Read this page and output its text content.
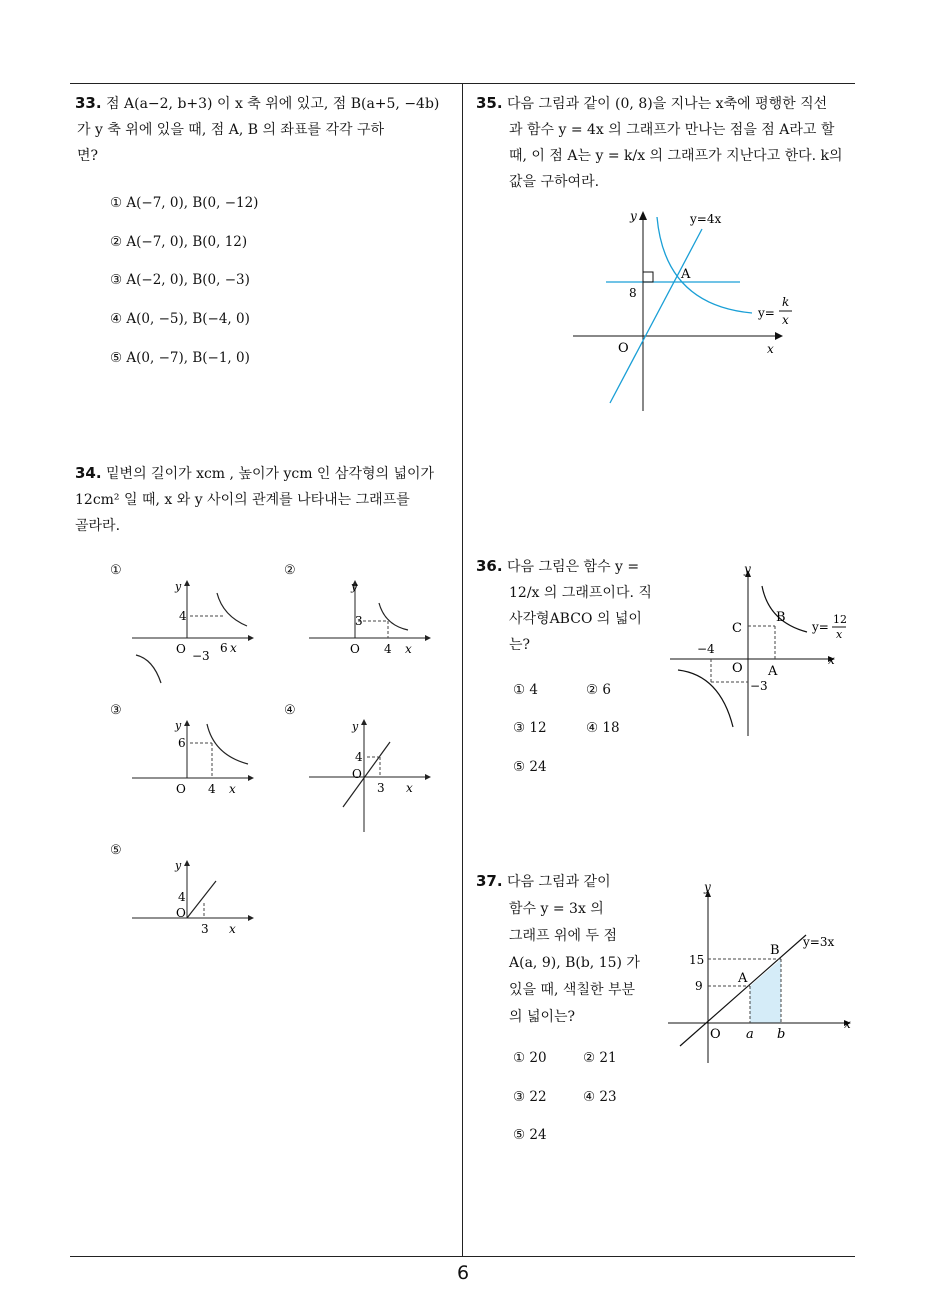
33. 점 A(a−2, b+3) 이 x 축 위에 있고, 점 B(a+5, −4b)
가 y 축 위에 있을 때, 점 A, B 의 좌표를 각각 구하
면?
① A(−7, 0), B(0, −12)
② A(−7, 0), B(0, 12)
③ A(−2, 0), B(0, −3)
④ A(0, −5), B(−4, 0)
⑤ A(0, −7), B(−1, 0)
34. 밑변의 길이가 xcm , 높이가 ycm 인 삼각형의 넓이가
12cm² 일 때, x 와 y 사이의 관계를 나타내는 그래프를
골라라.
①	②
③	④
⑤
y
4
O −3
6 x
y
3
O 4 x
y
6
O 4 x
y
4
O
3 x
y
4
O
3 x
35. 다음 그림과 같이 (0, 8)을 지나는 x축에 평행한 직선
과 함수 y = 4x 의 그래프가 만나는 점을 점 A라고 할
때, 이 점 A는 y = k/x 의 그래프가 지난다고 한다. k의
값을 구하여라.
y	y=4x
A
8
O	x
y=
k
x
36. 다음 그림은 함수 y =
12/x 의 그래프이다. 직
사각형ABCO 의 넓이
는?
① 4	② 6
③ 12	④ 18
⑤ 24
y
C
B
y=
12
x
−4
O A
−3
x
37. 다음 그림과 같이
함수 y = 3x 의
그래프 위에 두 점
A(a, 9), B(b, 15) 가
있을 때, 색칠한 부분
의 넓이는?
① 20	② 21
③ 22	④ 23
⑤ 24
y
y=3x
B
A
15
9
O a b
x
6
